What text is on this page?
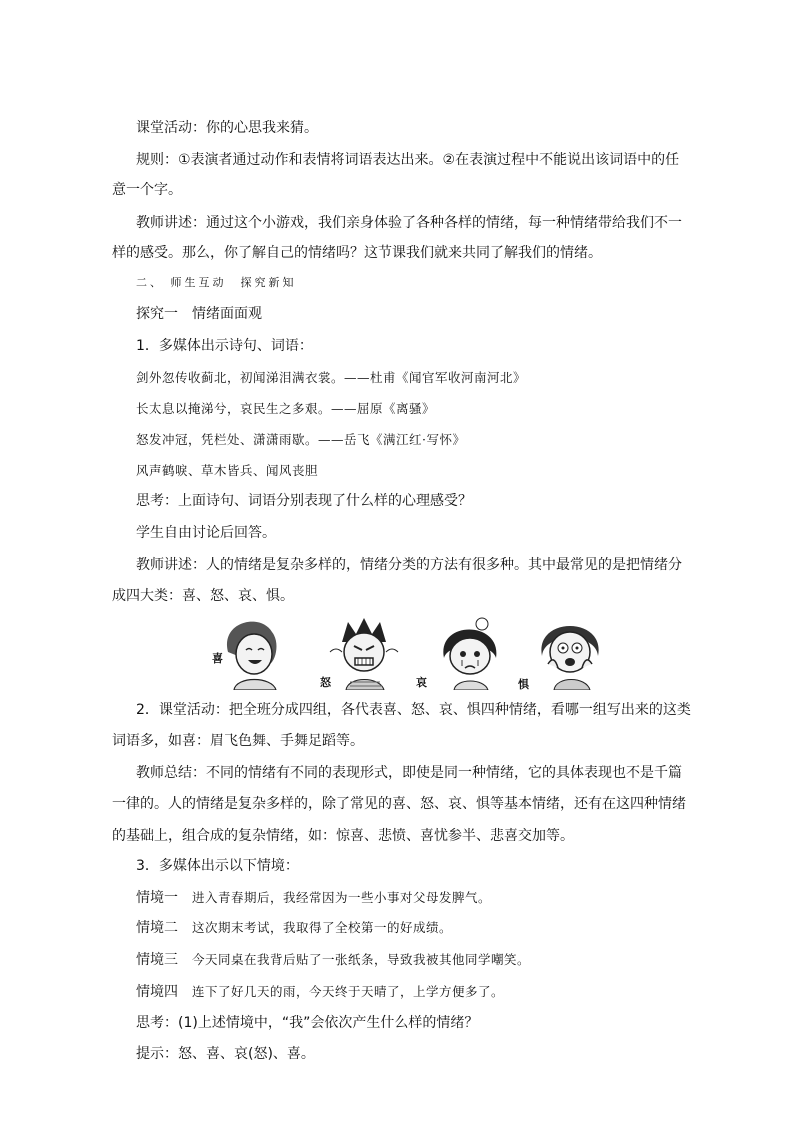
课堂活动：你的心思我来猜。
规则：①表演者通过动作和表情将词语表达出来。②在表演过程中不能说出该词语中的任
意一个字。
教师讲述：通过这个小游戏，我们亲身体验了各种各样的情绪，每一种情绪带给我们不一
样的感受。那么，你了解自己的情绪吗？这节课我们就来共同了解我们的情绪。
二、 师生互动　探究新知
探究一　情绪面面观
1．多媒体出示诗句、词语：
剑外忽传收蓟北，初闻涕泪满衣裳。——杜甫《闻官军收河南河北》
长太息以掩涕兮，哀民生之多艰。——屈原《离骚》
怒发冲冠，凭栏处、潇潇雨歇。——岳飞《满江红·写怀》
风声鹤唳、草木皆兵、闻风丧胆
思考：上面诗句、词语分别表现了什么样的心理感受？
学生自由讨论后回答。
教师讲述：人的情绪是复杂多样的，情绪分类的方法有很多种。其中最常见的是把情绪分
成四大类：喜、怒、哀、惧。
喜
怒	哀	惧
2．课堂活动：把全班分成四组，各代表喜、怒、哀、惧四种情绪，看哪一组写出来的这类
词语多，如喜：眉飞色舞、手舞足蹈等。
教师总结：不同的情绪有不同的表现形式，即使是同一种情绪，它的具体表现也不是千篇
一律的。人的情绪是复杂多样的，除了常见的喜、怒、哀、惧等基本情绪，还有在这四种情绪
的基础上，组合成的复杂情绪，如：惊喜、悲愤、喜忧参半、悲喜交加等。
3．多媒体出示以下情境：
情境一 进入青春期后，我经常因为一些小事对父母发脾气。
情境二 这次期末考试，我取得了全校第一的好成绩。
情境三 今天同桌在我背后贴了一张纸条，导致我被其他同学嘲笑。
情境四 连下了好几天的雨，今天终于天晴了，上学方便多了。
思考：(1)上述情境中，“我”会依次产生什么样的情绪？
提示：怒、喜、哀(怒)、喜。
